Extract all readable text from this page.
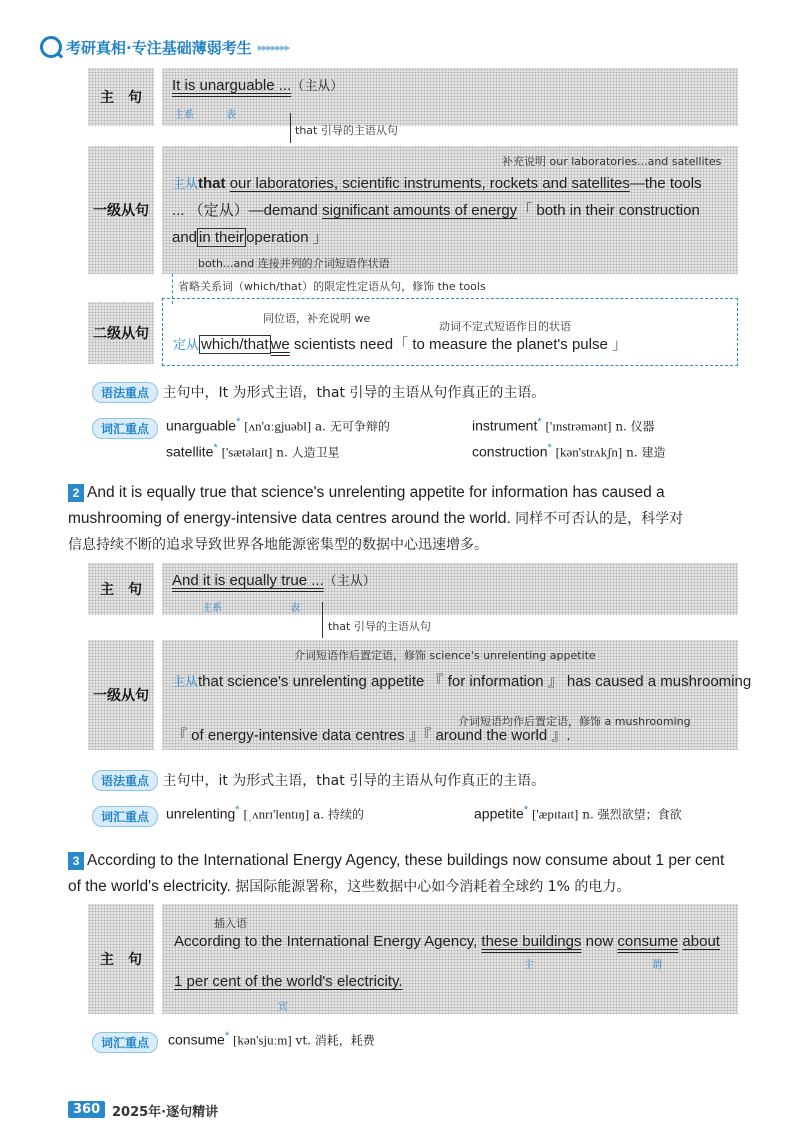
考研真相 ·专注基础薄弱考生 ▸▸▸▸▸▸▸
主　句
It is unarguable ...（主从）
主系	表
that 引导的主语从句
一级从句
补充说明 our laboratories...and satellites
主从that our laboratories, scientific instruments, rockets and satellites—the tools
... （定从）—demand significant amounts of energy「 both in their construction
and in their operation 」
both...and 连接并列的介词短语作状语
省略关系词（which/that）的限定性定语从句，修饰 the tools
二级从句
同位语，补充说明 we
动词不定式短语作目的状语
定从 which/that we scientists need「 to measure the planet's pulse 」
语法重点 主句中，It 为形式主语，that 引导的主语从句作真正的主语。
词汇重点	unarguable* [ʌn'ɑːgjuəbl] a. 无可争辩的	instrument* ['ɪnstrəmənt] n. 仪器
satellite* ['sætəlaɪt] n. 人造卫星	construction* [kən'strʌkʃn] n. 建造
2 And it is equally true that science's unrelenting appetite for information has caused a
mushrooming of energy-intensive data centres around the world. 同样不可否认的是，科学对
信息持续不断的追求导致世界各地能源密集型的数据中心迅速增多。
主　句
And it is equally true ...（主从）
主系	表
that 引导的主语从句
一级从句
介词短语作后置定语，修饰 science's unrelenting appetite
主从that science's unrelenting appetite 『 for information 』 has caused a mushrooming
介词短语均作后置定语，修饰 a mushrooming
『 of energy-intensive data centres 』『 around the world 』.
语法重点 主句中，it 为形式主语，that 引导的主语从句作真正的主语。
词汇重点	unrelenting* [ˌʌnrɪ'lentɪŋ] a. 持续的	appetite* ['æpɪtaɪt] n. 强烈欲望；食欲
3 According to the International Energy Agency, these buildings now consume about 1 per cent
of the world's electricity. 据国际能源署称，这些数据中心如今消耗着全球约 1% 的电力。
主　句
插入语
According to the International Energy Agency, these buildings now consume about
主	谓
1 per cent of the world's electricity.
宾
词汇重点	consume* [kən'sjuːm] vt. 消耗，耗费
360 2025年·逐句精讲
